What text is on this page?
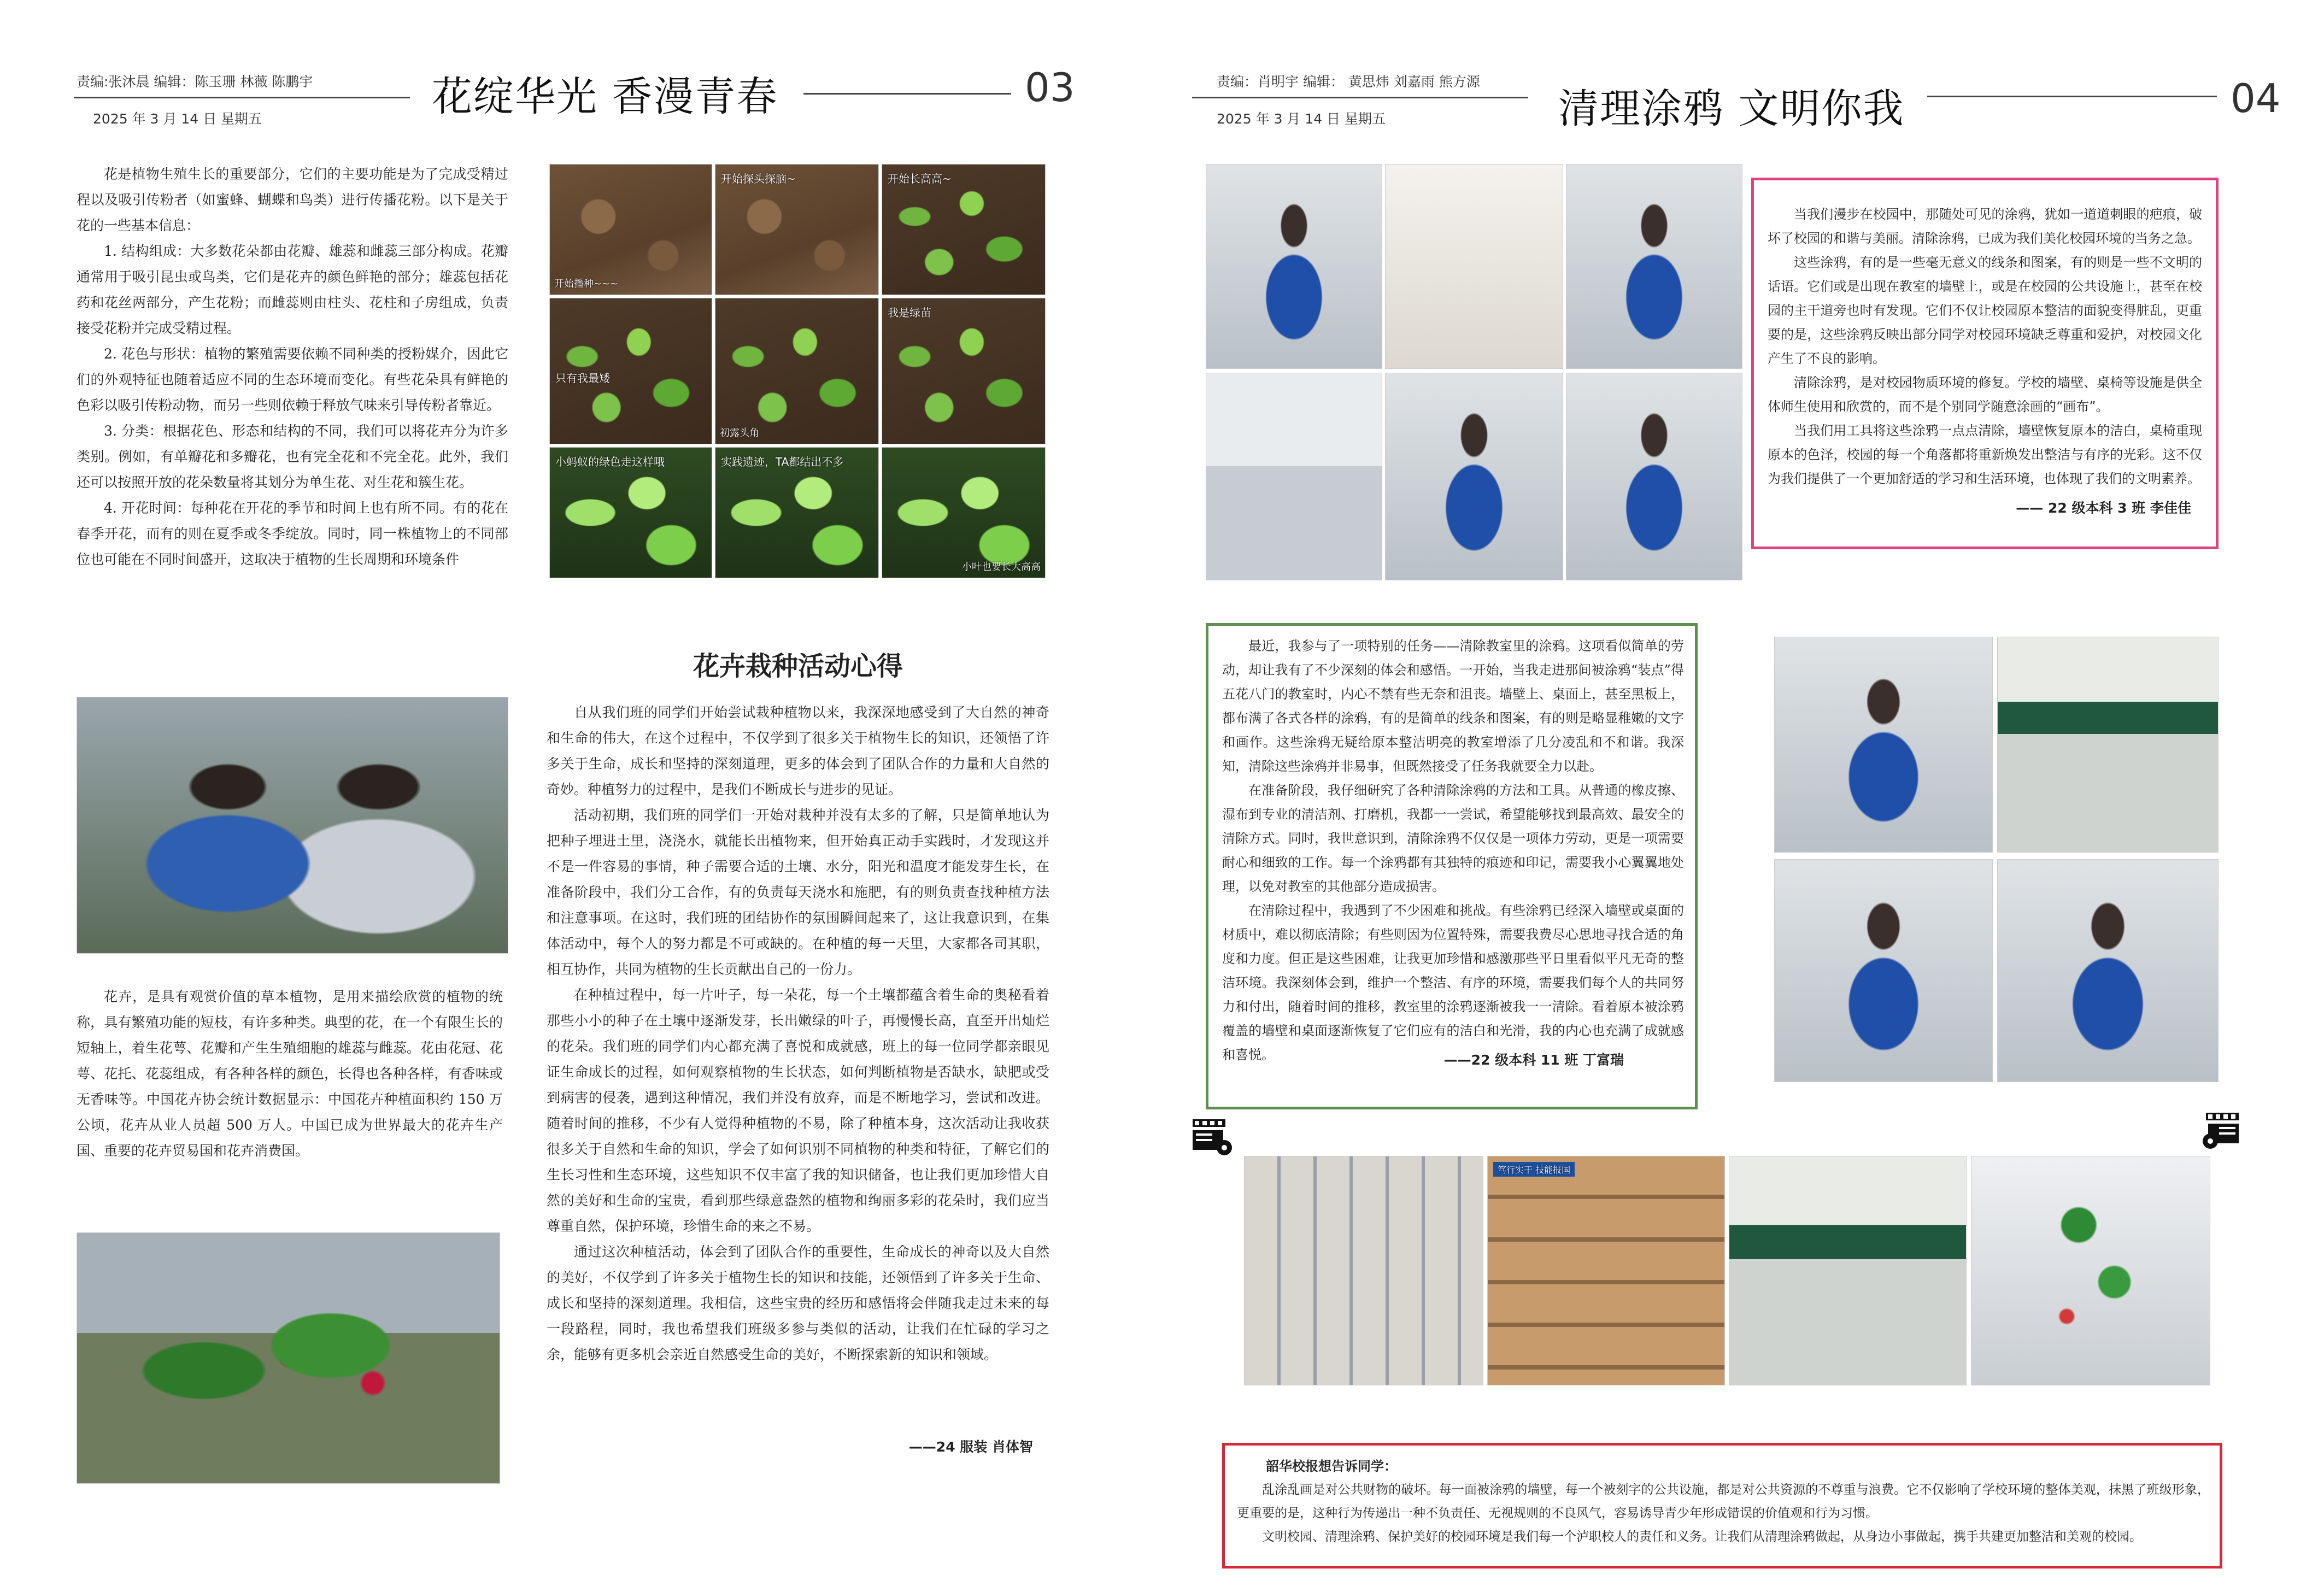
责编:张沐晨 编辑：陈玉珊 林薇 陈鹏宇
2025 年 3 月 14 日 星期五	花绽华光 香漫青春	03

花是植物生殖生长的重要部分，它们的主要功能是为了完成受精过程以及吸引传粉者（如蜜蜂、蝴蝶和鸟类）进行传播花粉。以下是关于花的一些基本信息：

1. 结构组成：大多数花朵都由花瓣、雄蕊和雌蕊三部分构成。花瓣通常用于吸引昆虫或鸟类，它们是花卉的颜色鲜艳的部分；雄蕊包括花药和花丝两部分，产生花粉；而雌蕊则由柱头、花柱和子房组成，负责接受花粉并完成受精过程。

2. 花色与形状：植物的繁殖需要依赖不同种类的授粉媒介，因此它们的外观特征也随着适应不同的生态环境而变化。有些花朵具有鲜艳的色彩以吸引传粉动物，而另一些则依赖于释放气味来引导传粉者靠近。

3. 分类：根据花色、形态和结构的不同，我们可以将花卉分为许多类别。例如，有单瓣花和多瓣花，也有完全花和不完全花。此外，我们还可以按照开放的花朵数量将其划分为单生花、对生花和簇生花。

4. 开花时间：每种花在开花的季节和时间上也有所不同。有的花在春季开花，而有的则在夏季或冬季绽放。同时，同一株植物上的不同部位也可能在不同时间盛开，这取决于植物的生长周期和环境条件

花卉，是具有观赏价值的草本植物，是用来描绘欣赏的植物的统称，具有繁殖功能的短枝，有许多种类。典型的花，在一个有限生长的短轴上，着生花萼、花瓣和产生生殖细胞的雄蕊与雌蕊。花由花冠、花萼、花托、花蕊组成，有各种各样的颜色，长得也各种各样，有香味或无香味等。中国花卉协会统计数据显示：中国花卉种植面积约 150 万公顷，花卉从业人员超 500 万人。中国已成为世界最大的花卉生产国、重要的花卉贸易国和花卉消费国。

开始播种~~~
开始探头探脑~	开始长高高~
只有我最矮
初露头角
我是绿苗
小蚂蚁的绿色走这样哦	实践遗迹，TA都结出不多
小叶也要长大高高
花卉栽种活动心得

自从我们班的同学们开始尝试栽种植物以来，我深深地感受到了大自然的神奇和生命的伟大，在这个过程中，不仅学到了很多关于植物生长的知识，还领悟了许多关于生命，成长和坚持的深刻道理，更多的体会到了团队合作的力量和大自然的奇妙。种植努力的过程中，是我们不断成长与进步的见证。

活动初期，我们班的同学们一开始对栽种并没有太多的了解，只是简单地认为把种子埋进土里，浇浇水，就能长出植物来，但开始真正动手实践时，才发现这并不是一件容易的事情，种子需要合适的土壤、水分，阳光和温度才能发芽生长，在准备阶段中，我们分工合作，有的负责每天浇水和施肥，有的则负责查找种植方法和注意事项。在这时，我们班的团结协作的氛围瞬间起来了，这让我意识到，在集体活动中，每个人的努力都是不可或缺的。在种植的每一天里，大家都各司其职，相互协作，共同为植物的生长贡献出自己的一份力。

在种植过程中，每一片叶子，每一朵花，每一个土壤都蕴含着生命的奥秘看着那些小小的种子在土壤中逐渐发芽，长出嫩绿的叶子，再慢慢长高，直至开出灿烂的花朵。我们班的同学们内心都充满了喜悦和成就感，班上的每一位同学都亲眼见证生命成长的过程，如何观察植物的生长状态，如何判断植物是否缺水，缺肥或受到病害的侵袭，遇到这种情况，我们并没有放弃，而是不断地学习，尝试和改进。随着时间的推移，不少有人觉得种植物的不易，除了种植本身，这次活动让我收获很多关于自然和生命的知识，学会了如何识别不同植物的种类和特征，了解它们的生长习性和生态环境，这些知识不仅丰富了我的知识储备，也让我们更加珍惜大自然的美好和生命的宝贵，看到那些绿意盎然的植物和绚丽多彩的花朵时，我们应当尊重自然，保护环境，珍惜生命的来之不易。

通过这次种植活动，体会到了团队合作的重要性，生命成长的神奇以及大自然的美好，不仅学到了许多关于植物生长的知识和技能，还领悟到了许多关于生命、成长和坚持的深刻道理。我相信，这些宝贵的经历和感悟将会伴随我走过未来的每一段路程，同时，我也希望我们班级多参与类似的活动，让我们在忙碌的学习之余，能够有更多机会亲近自然感受生命的美好，不断探索新的知识和领域。

——24 服装 肖体智
责编：肖明宇 编辑： 黄思炜 刘嘉雨 熊方源
2025 年 3 月 14 日 星期五	清理涂鸦 文明你我	04

当我们漫步在校园中，那随处可见的涂鸦，犹如一道道刺眼的疤痕，破坏了校园的和谐与美丽。清除涂鸦，已成为我们美化校园环境的当务之急。

这些涂鸦，有的是一些毫无意义的线条和图案，有的则是一些不文明的话语。它们或是出现在教室的墙壁上，或是在校园的公共设施上，甚至在校园的主干道旁也时有发现。它们不仅让校园原本整洁的面貌变得脏乱，更重要的是，这些涂鸦反映出部分同学对校园环境缺乏尊重和爱护，对校园文化产生了不良的影响。

清除涂鸦，是对校园物质环境的修复。学校的墙壁、桌椅等设施是供全体师生使用和欣赏的，而不是个别同学随意涂画的“画布”。

当我们用工具将这些涂鸦一点点清除，墙壁恢复原本的洁白，桌椅重现原本的色泽，校园的每一个角落都将重新焕发出整洁与有序的光彩。这不仅为我们提供了一个更加舒适的学习和生活环境，也体现了我们的文明素养。

—— 22 级本科 3 班 李佳佳

最近，我参与了一项特别的任务——清除教室里的涂鸦。这项看似简单的劳动，却让我有了不少深刻的体会和感悟。一开始，当我走进那间被涂鸦“装点”得五花八门的教室时，内心不禁有些无奈和沮丧。墙壁上、桌面上，甚至黑板上，都布满了各式各样的涂鸦，有的是简单的线条和图案，有的则是略显稚嫩的文字和画作。这些涂鸦无疑给原本整洁明亮的教室增添了几分凌乱和不和谐。我深知，清除这些涂鸦并非易事，但既然接受了任务我就要全力以赴。

在准备阶段，我仔细研究了各种清除涂鸦的方法和工具。从普通的橡皮擦、湿布到专业的清洁剂、打磨机，我都一一尝试，希望能够找到最高效、最安全的清除方式。同时，我世意识到，清除涂鸦不仅仅是一项体力劳动，更是一项需要耐心和细致的工作。每一个涂鸦都有其独特的痕迹和印记，需要我小心翼翼地处理，以免对教室的其他部分造成损害。

在清除过程中，我遇到了不少困难和挑战。有些涂鸦已经深入墙壁或桌面的材质中，难以彻底清除；有些则因为位置特殊，需要我费尽心思地寻找合适的角度和力度。但正是这些困难，让我更加珍惜和感激那些平日里看似平凡无奇的整洁环境。我深刻体会到，维护一个整洁、有序的环境，需要我们每个人的共同努力和付出，随着时间的推移，教室里的涂鸦逐渐被我一一清除。看着原本被涂鸦覆盖的墙壁和桌面逐渐恢复了它们应有的洁白和光滑，我的内心也充满了成就感和喜悦。	——22 级本科 11 班 丁富瑞
笃行实干 技能报国
韶华校报想告诉同学：

乱涂乱画是对公共财物的破坏。每一面被涂鸦的墙壁，每一个被刻字的公共设施，都是对公共资源的不尊重与浪费。它不仅影响了学校环境的整体美观，抹黑了班级形象，更重要的是，这种行为传递出一种不负责任、无视规则的不良风气，容易诱导青少年形成错误的价值观和行为习惯。

文明校园、清理涂鸦、保护美好的校园环境是我们每一个泸职校人的责任和义务。让我们从清理涂鸦做起，从身边小事做起，携手共建更加整洁和美观的校园。
